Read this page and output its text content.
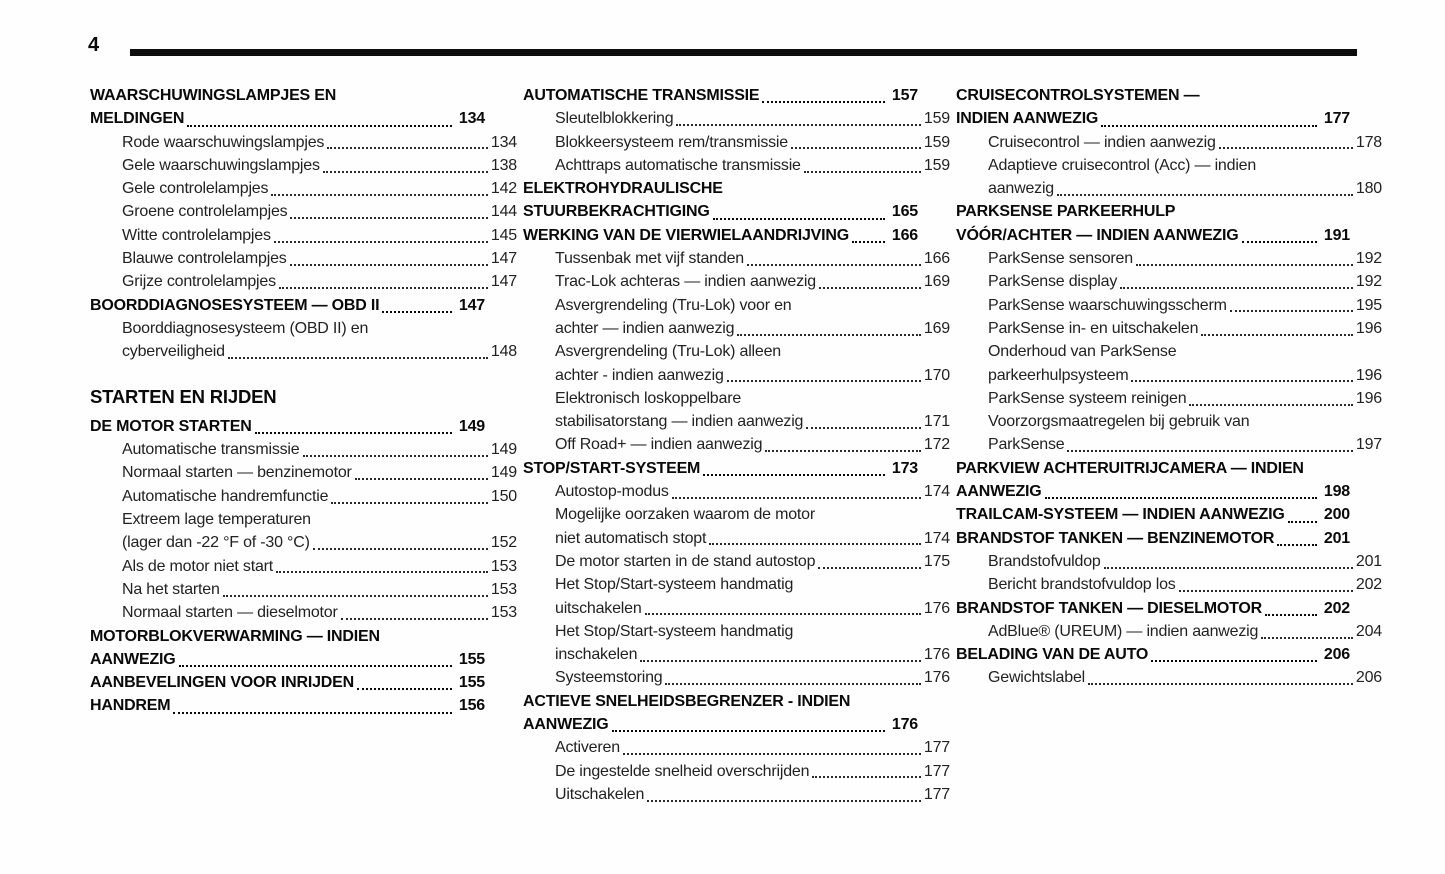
4
WAARSCHUWINGSLAMPJES EN
MELDINGEN	134
Rode waarschuwingslampjes	134
Gele waarschuwingslampjes	138
Gele controlelampjes	142
Groene controlelampjes	144
Witte controlelampjes	145
Blauwe controlelampjes	147
Grijze controlelampjes	147
BOORDDIAGNOSESYSTEEM — OBD II	147
Boorddiagnosesysteem (OBD II) en
cyberveiligheid	148
STARTEN EN RIJDEN
DE MOTOR STARTEN	149
Automatische transmissie	149
Normaal starten — benzinemotor	149
Automatische handremfunctie	150
Extreem lage temperaturen
(lager dan -22 °F of -30 °C)	152
Als de motor niet start	153
Na het starten	153
Normaal starten — dieselmotor	153
MOTORBLOKVERWARMING — INDIEN
AANWEZIG	155
AANBEVELINGEN VOOR INRIJDEN	155
HANDREM	156
AUTOMATISCHE TRANSMISSIE	157
Sleutelblokkering	159
Blokkeersysteem rem/transmissie	159
Achttraps automatische transmissie	159
ELEKTROHYDRAULISCHE
STUURBEKRACHTIGING	165
WERKING VAN DE VIERWIELAANDRIJVING	166
Tussenbak met vijf standen	166
Trac-Lok achteras — indien aanwezig	169
Asvergrendeling (Tru-Lok) voor en
achter — indien aanwezig	169
Asvergrendeling (Tru-Lok) alleen
achter - indien aanwezig	170
Elektronisch loskoppelbare
stabilisatorstang — indien aanwezig	171
Off Road+ — indien aanwezig	172
STOP/START-SYSTEEM	173
Autostop-modus	174
Mogelijke oorzaken waarom de motor
niet automatisch stopt	174
De motor starten in de stand autostop	175
Het Stop/Start-systeem handmatig
uitschakelen	176
Het Stop/Start-systeem handmatig
inschakelen	176
Systeemstoring	176
ACTIEVE SNELHEIDSBEGRENZER - INDIEN
AANWEZIG	176
Activeren	177
De ingestelde snelheid overschrijden	177
Uitschakelen	177
CRUISECONTROLSYSTEMEN —
INDIEN AANWEZIG	177
Cruisecontrol — indien aanwezig	178
Adaptieve cruisecontrol (Acc) — indien
aanwezig	180
PARKSENSE PARKEERHULP
VÓÓR/ACHTER — INDIEN AANWEZIG	191
ParkSense sensoren	192
ParkSense display	192
ParkSense waarschuwingsscherm	195
ParkSense in- en uitschakelen	196
Onderhoud van ParkSense
parkeerhulpsysteem	196
ParkSense systeem reinigen	196
Voorzorgsmaatregelen bij gebruik van
ParkSense	197
PARKVIEW ACHTERUITRIJCAMERA — INDIEN
AANWEZIG	198
TRAILCAM-SYSTEEM — INDIEN AANWEZIG	200
BRANDSTOF TANKEN — BENZINEMOTOR	201
Brandstofvuldop	201
Bericht brandstofvuldop los	202
BRANDSTOF TANKEN — DIESELMOTOR	202
AdBlue® (UREUM) — indien aanwezig	204
BELADING VAN DE AUTO	206
Gewichtslabel	206
